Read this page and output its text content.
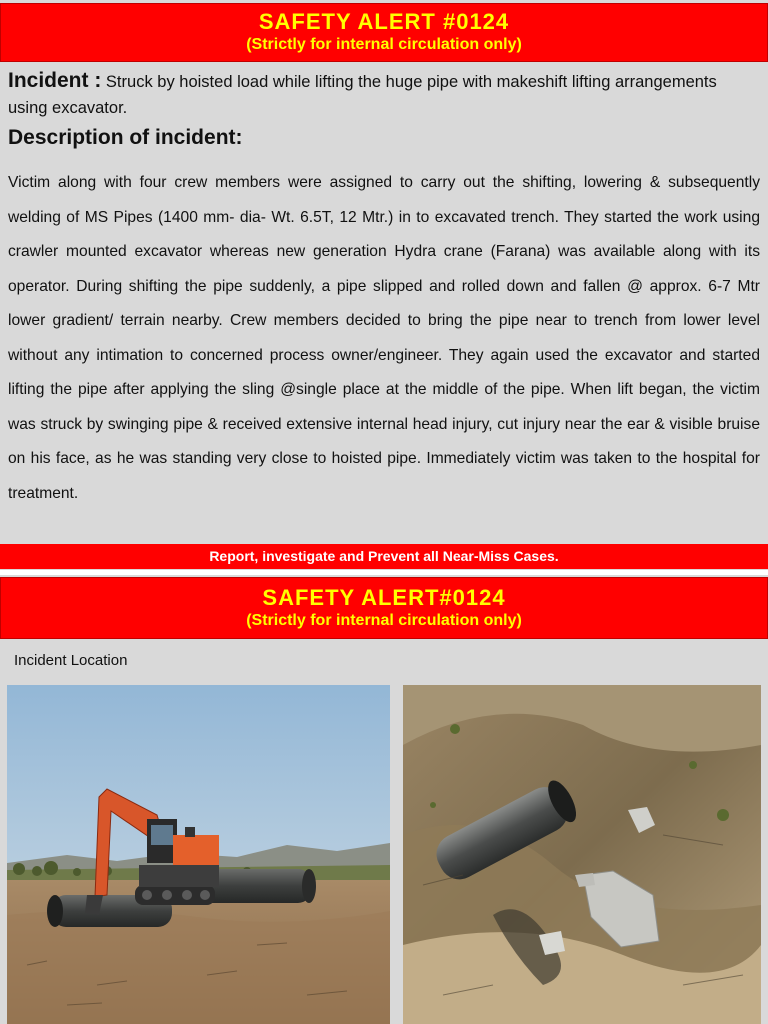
SAFETY ALERT #0124
(Strictly for internal circulation only)
Incident : Struck by hoisted load while lifting the huge pipe with makeshift lifting arrangements using excavator.
Description of incident:
Victim along with four crew members were assigned to carry out the shifting, lowering & subsequently welding of MS Pipes (1400 mm- dia- Wt. 6.5T, 12 Mtr.) in to excavated trench. They started the work using crawler mounted excavator whereas new generation Hydra crane (Farana) was available along with its operator. During shifting the pipe suddenly, a pipe slipped and rolled down and fallen @ approx. 6-7 Mtr lower gradient/ terrain nearby. Crew members decided to bring the pipe near to trench from lower level without any intimation to concerned process owner/engineer. They again used the excavator and started lifting the pipe after applying the sling @single place at the middle of the pipe. When lift began, the victim was struck by swinging pipe & received extensive internal head injury, cut injury near the ear & visible bruise on his face, as he was standing very close to hoisted pipe. Immediately victim was taken to the hospital for treatment.
Report, investigate and Prevent all Near-Miss Cases.
SAFETY ALERT#0124
(Strictly for internal circulation only)
Incident Location
